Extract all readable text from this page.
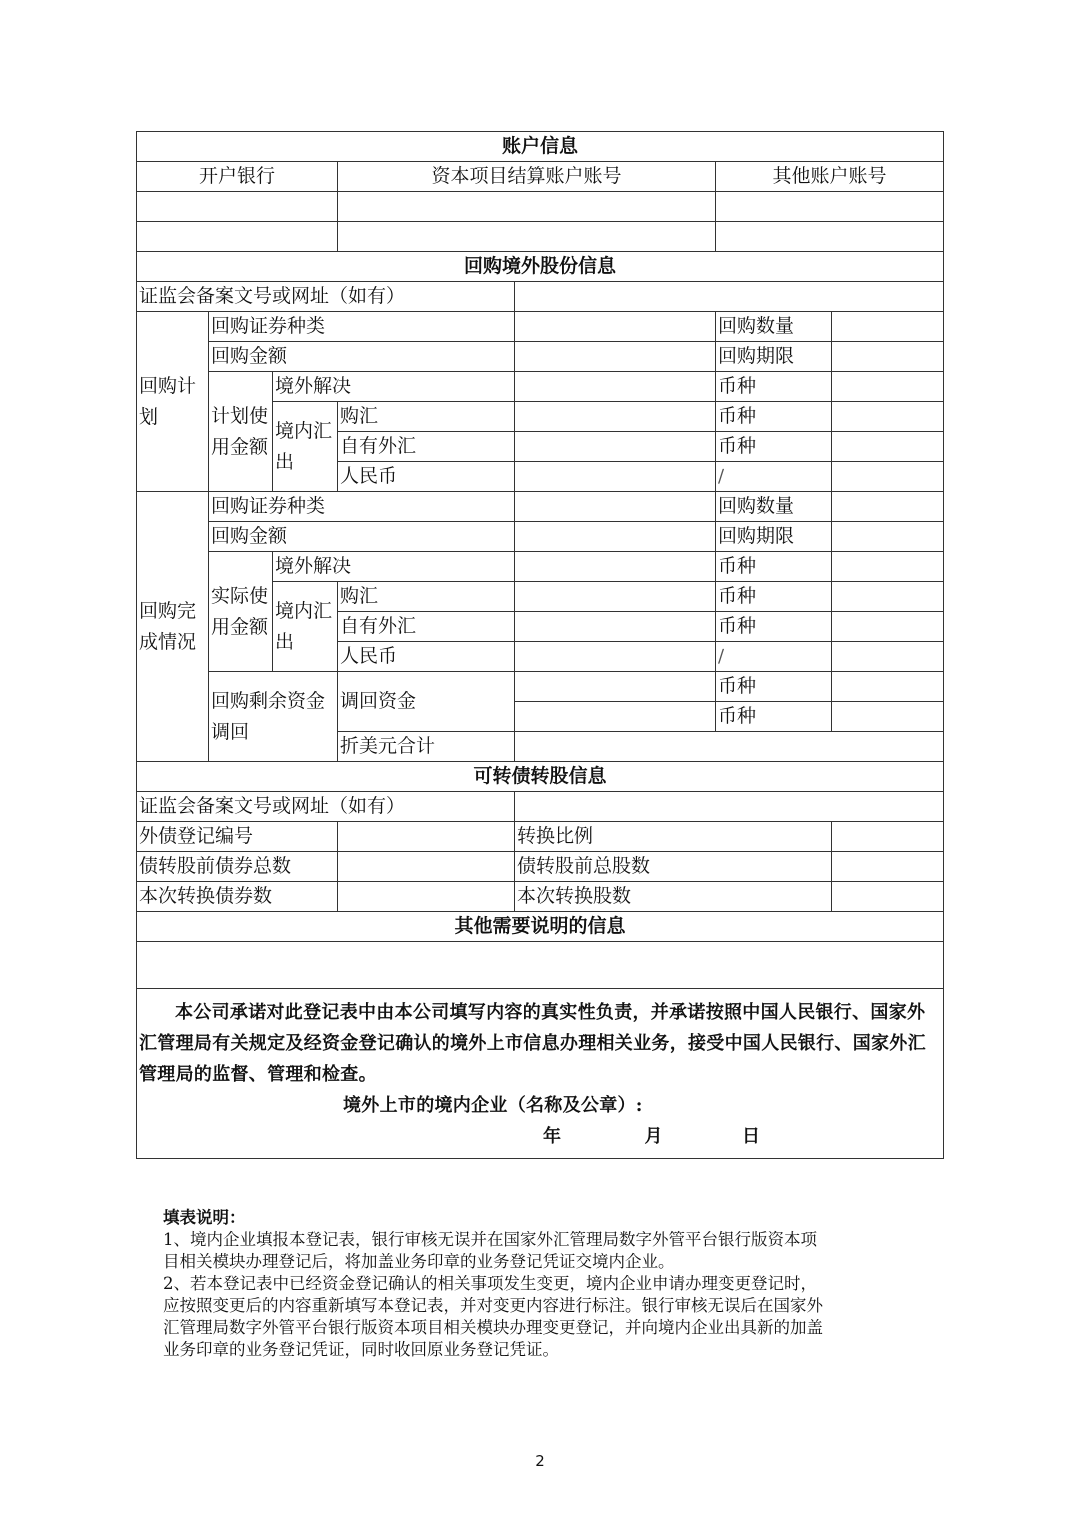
账户信息						
开户银行			资本项目结算账户账号		其他账户账号	

回购境外股份信息						
证监会备案文号或网址（如有）						
回购计划	回购证券种类				回购数量	
	回购金额				回购期限	
	计划使用金额	境外解决			币种	
		境内汇出	购汇		币种	
			自有外汇		币种	
			人民币		∕	
回购完成情况	回购证券种类				回购数量	
	回购金额				回购期限	
	实际使用金额	境外解决			币种	
		境内汇出	购汇		币种	
			自有外汇		币种	
			人民币		∕	
	回购剩余资金调回		调回资金		币种	
					币种	
			折美元合计			
可转债转股信息						
证监会备案文号或网址（如有）						
外债登记编号				转换比例		
债转股前债券总数				债转股前总股数		
本次转换债券数				本次转换股数		
其他需要说明的信息						

本公司承诺对此登记表中由本公司填写内容的真实性负责，并承诺按照中国人民银行、国家外汇管理局有关规定及经资金登记确认的境外上市信息办理相关业务，接受中国人民银行、国家外汇管理局的监督、管理和检查。

境外上市的境内企业（名称及公章）:

年 月 日						

填表说明：

1、境内企业填报本登记表，银行审核无误并在国家外汇管理局数字外管平台银行版资本项

目相关模块办理登记后，将加盖业务印章的业务登记凭证交境内企业。

2、若本登记表中已经资金登记确认的相关事项发生变更，境内企业申请办理变更登记时，

应按照变更后的内容重新填写本登记表，并对变更内容进行标注。银行审核无误后在国家外

汇管理局数字外管平台银行版资本项目相关模块办理变更登记，并向境内企业出具新的加盖

业务印章的业务登记凭证，同时收回原业务登记凭证。

2
